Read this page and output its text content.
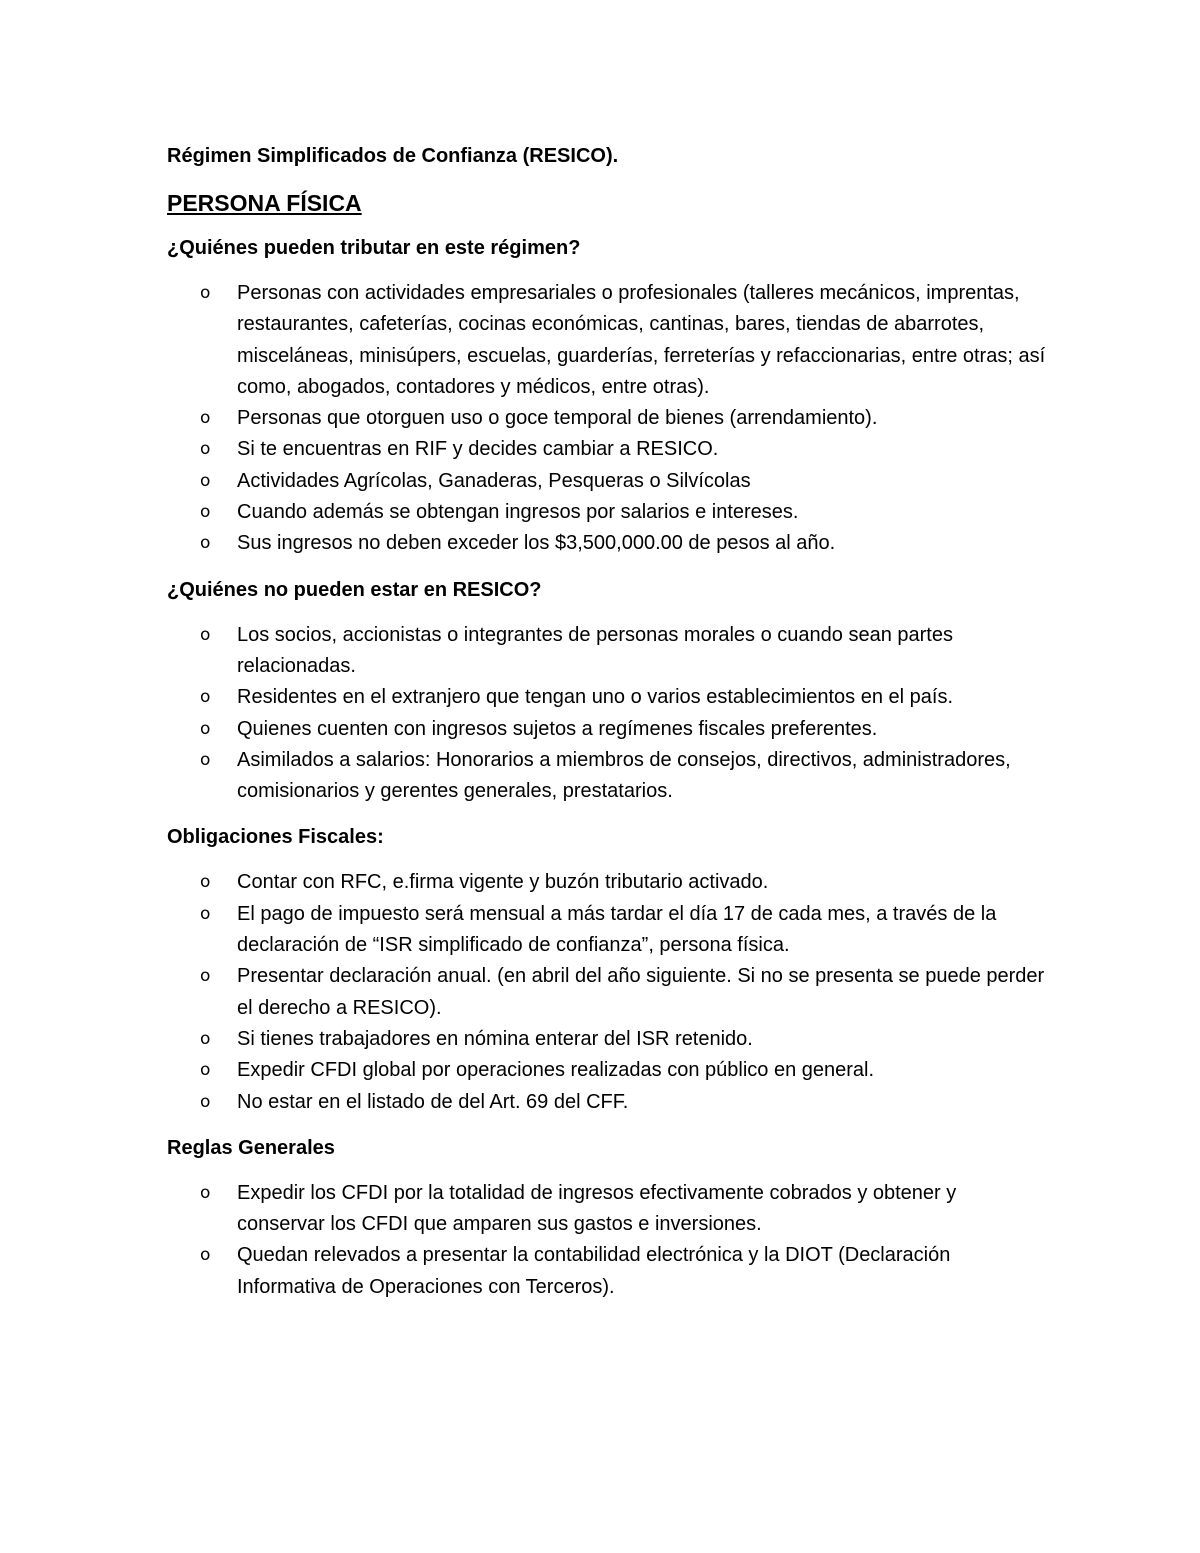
Régimen Simplificados de Confianza (RESICO).
PERSONA FÍSICA
¿Quiénes pueden tributar en este régimen?
o Personas con actividades empresariales o profesionales (talleres mecánicos, imprentas, restaurantes, cafeterías, cocinas económicas, cantinas, bares, tiendas de abarrotes, misceláneas, minisúpers, escuelas, guarderías, ferreterías y refaccionarias, entre otras; así como, abogados, contadores y médicos, entre otras).
o Personas que otorguen uso o goce temporal de bienes (arrendamiento).
o Si te encuentras en RIF y decides cambiar a RESICO.
o Actividades Agrícolas, Ganaderas, Pesqueras o Silvícolas
o Cuando además se obtengan ingresos por salarios e intereses.
o Sus ingresos no deben exceder los $3,500,000.00 de pesos al año.
¿Quiénes no pueden estar en RESICO?
o Los socios, accionistas o integrantes de personas morales o cuando sean partes relacionadas.
o Residentes en el extranjero que tengan uno o varios establecimientos en el país.
o Quienes cuenten con ingresos sujetos a regímenes fiscales preferentes.
o Asimilados a salarios: Honorarios a miembros de consejos, directivos, administradores, comisionarios y gerentes generales, prestatarios.
Obligaciones Fiscales:
o Contar con RFC, e.firma vigente y buzón tributario activado.
o El pago de impuesto será mensual a más tardar el día 17 de cada mes, a través de la declaración de “ISR simplificado de confianza”, persona física.
o Presentar declaración anual. (en abril del año siguiente. Si no se presenta se puede perder el derecho a RESICO).
o Si tienes trabajadores en nómina enterar del ISR retenido.
o Expedir CFDI global por operaciones realizadas con público en general.
o No estar en el listado de del Art. 69 del CFF.
Reglas Generales
o Expedir los CFDI por la totalidad de ingresos efectivamente cobrados y obtener y conservar los CFDI que amparen sus gastos e inversiones.
o Quedan relevados a presentar la contabilidad electrónica y la DIOT (Declaración Informativa de Operaciones con Terceros).
